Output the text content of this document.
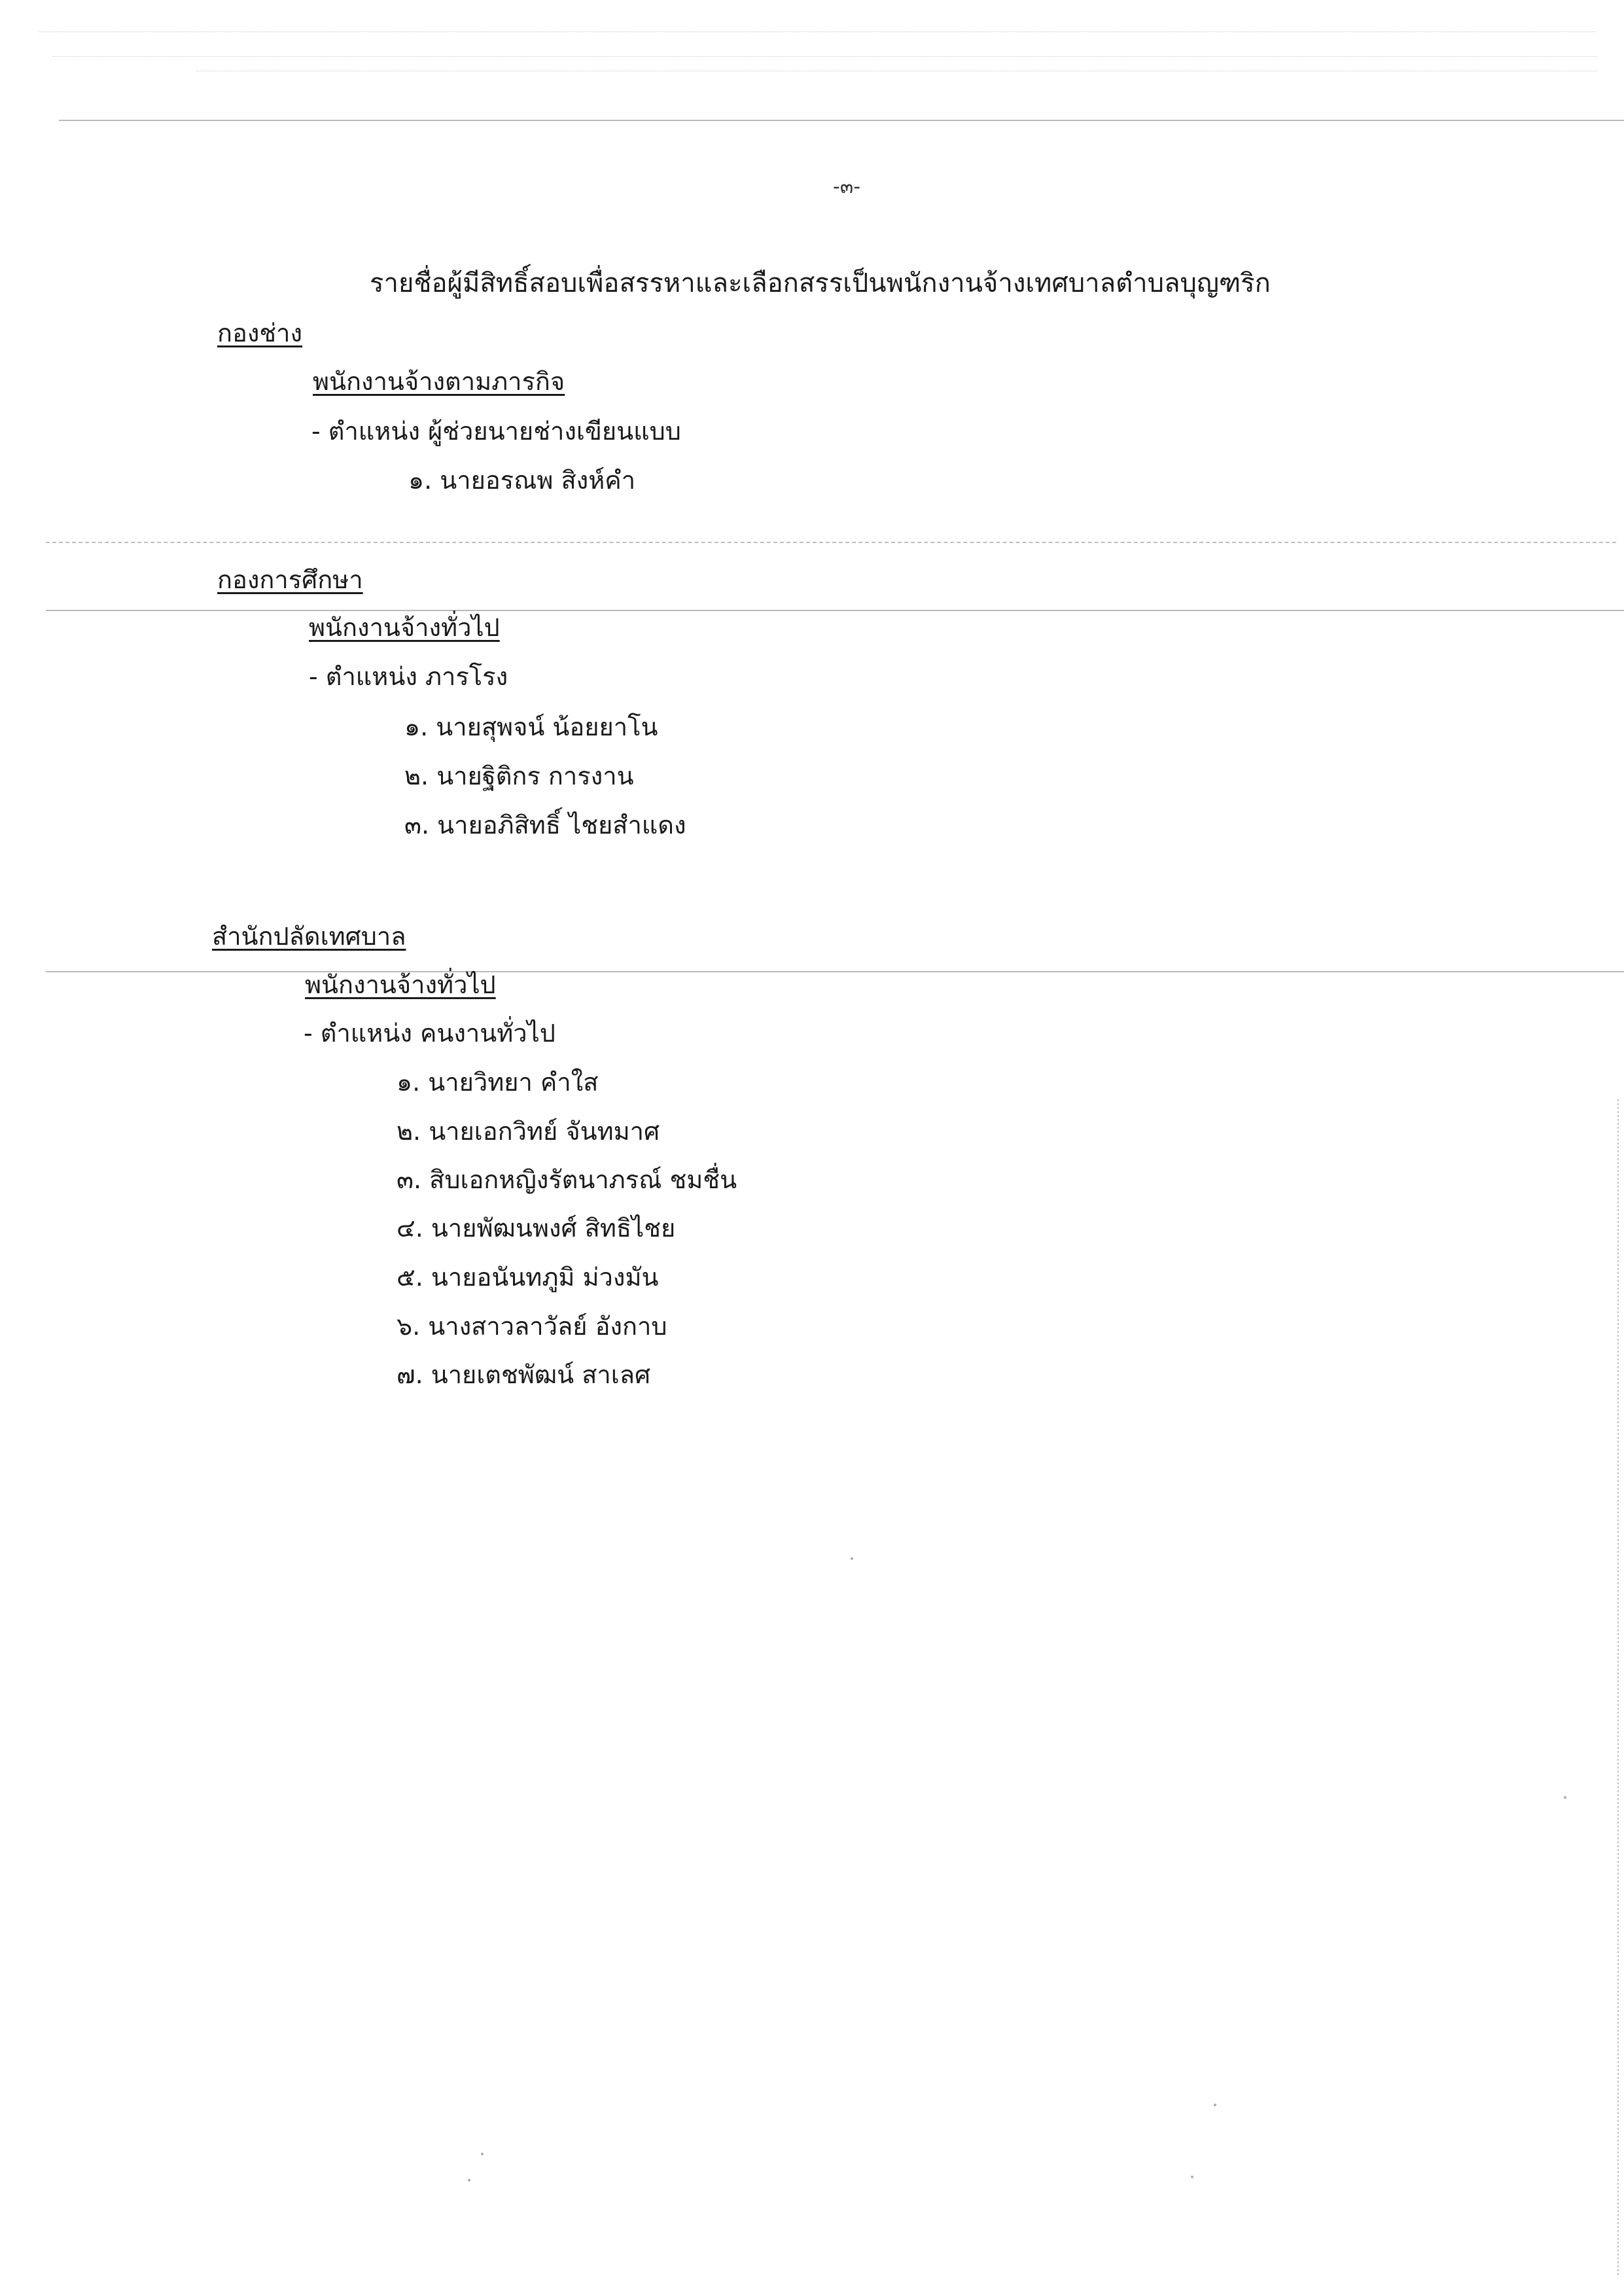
-๓-
รายชื่อผู้มีสิทธิ์สอบเพื่อสรรหาและเลือกสรรเป็นพนักงานจ้างเทศบาลตำบลบุญฑริก
กองช่าง
พนักงานจ้างตามภารกิจ
- ตำแหน่ง ผู้ช่วยนายช่างเขียนแบบ
๑. นายอรณพ สิงห์คำ
กองการศึกษา
พนักงานจ้างทั่วไป
- ตำแหน่ง ภารโรง
๑. นายสุพจน์ น้อยยาโน
๒. นายฐิติกร การงาน
๓. นายอภิสิทธิ์ ไชยสำแดง
สำนักปลัดเทศบาล
พนักงานจ้างทั่วไป
- ตำแหน่ง คนงานทั่วไป
๑. นายวิทยา คำใส
๒. นายเอกวิทย์ จันทมาศ
๓. สิบเอกหญิงรัตนาภรณ์ ชมชื่น
๔. นายพัฒนพงศ์ สิทธิไชย
๕. นายอนันทภูมิ ม่วงมัน
๖. นางสาวลาวัลย์ อังกาบ
๗. นายเตชพัฒน์ สาเลศ
